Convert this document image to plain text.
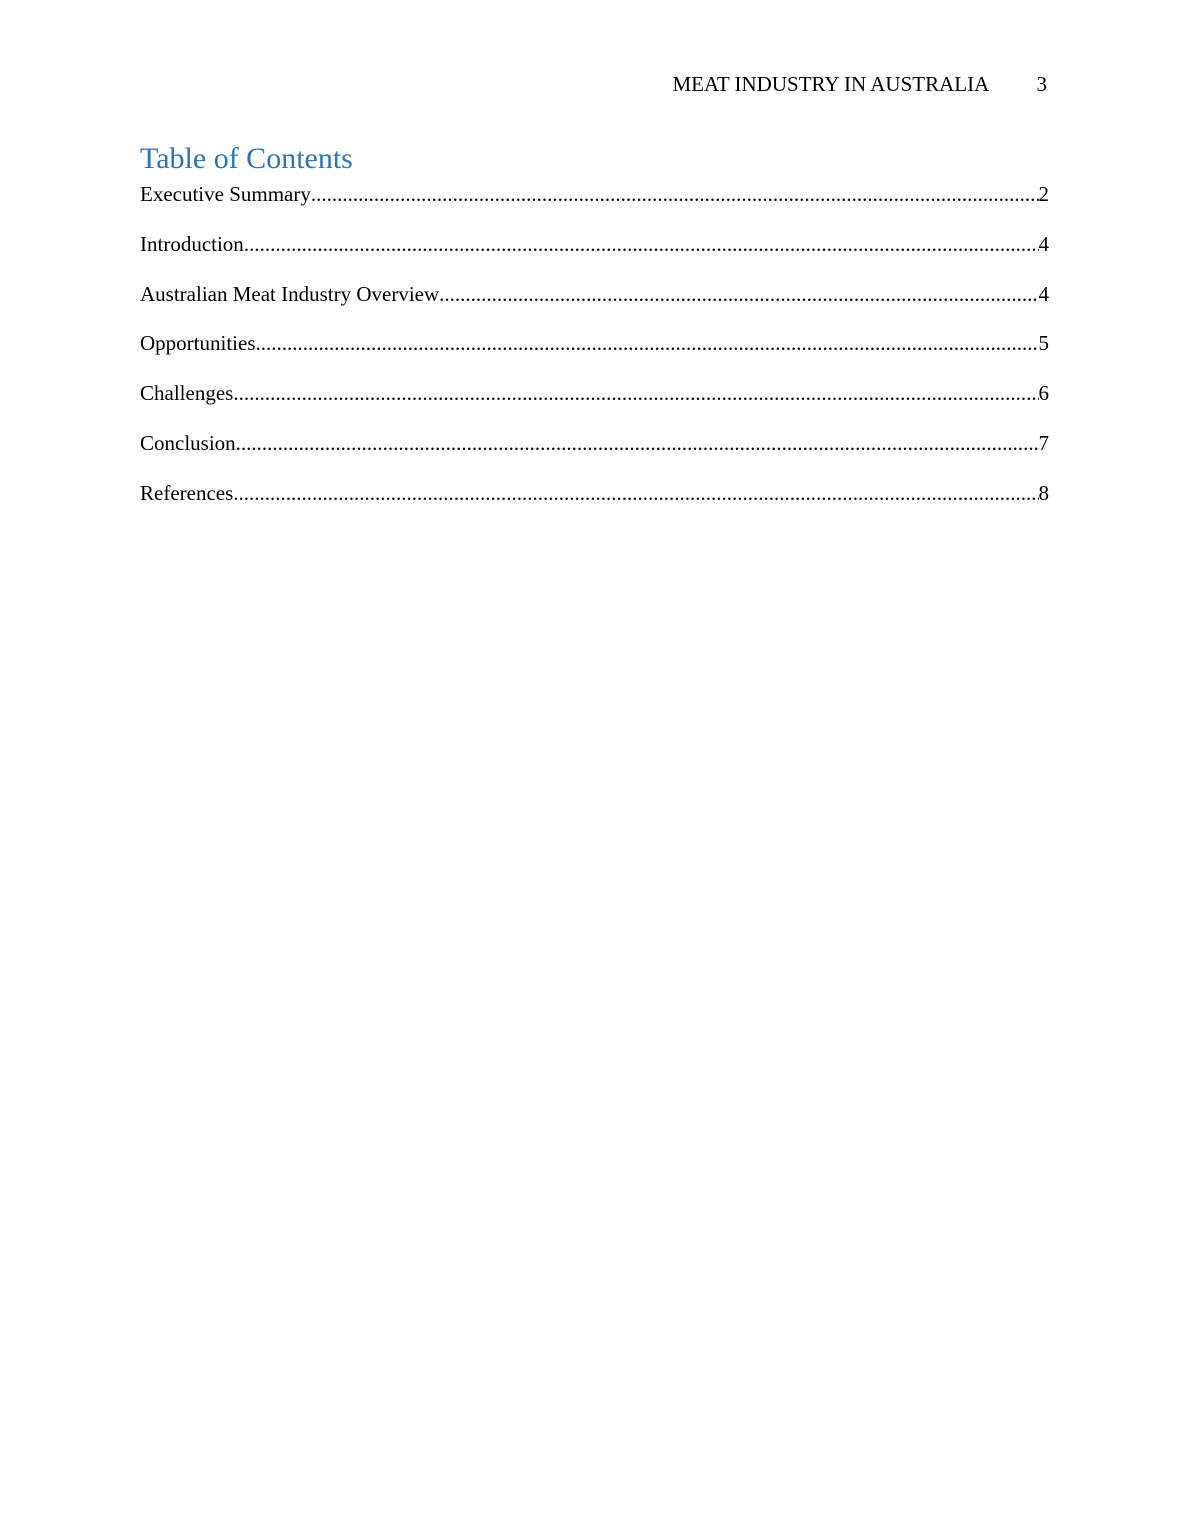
MEAT INDUSTRY IN AUSTRALIA 3
Table of Contents
Executive Summary .....	2
Introduction .....	4
Australian Meat Industry Overview .....	4
Opportunities .....	5
Challenges .....	6
Conclusion .....	7
References .....	8
